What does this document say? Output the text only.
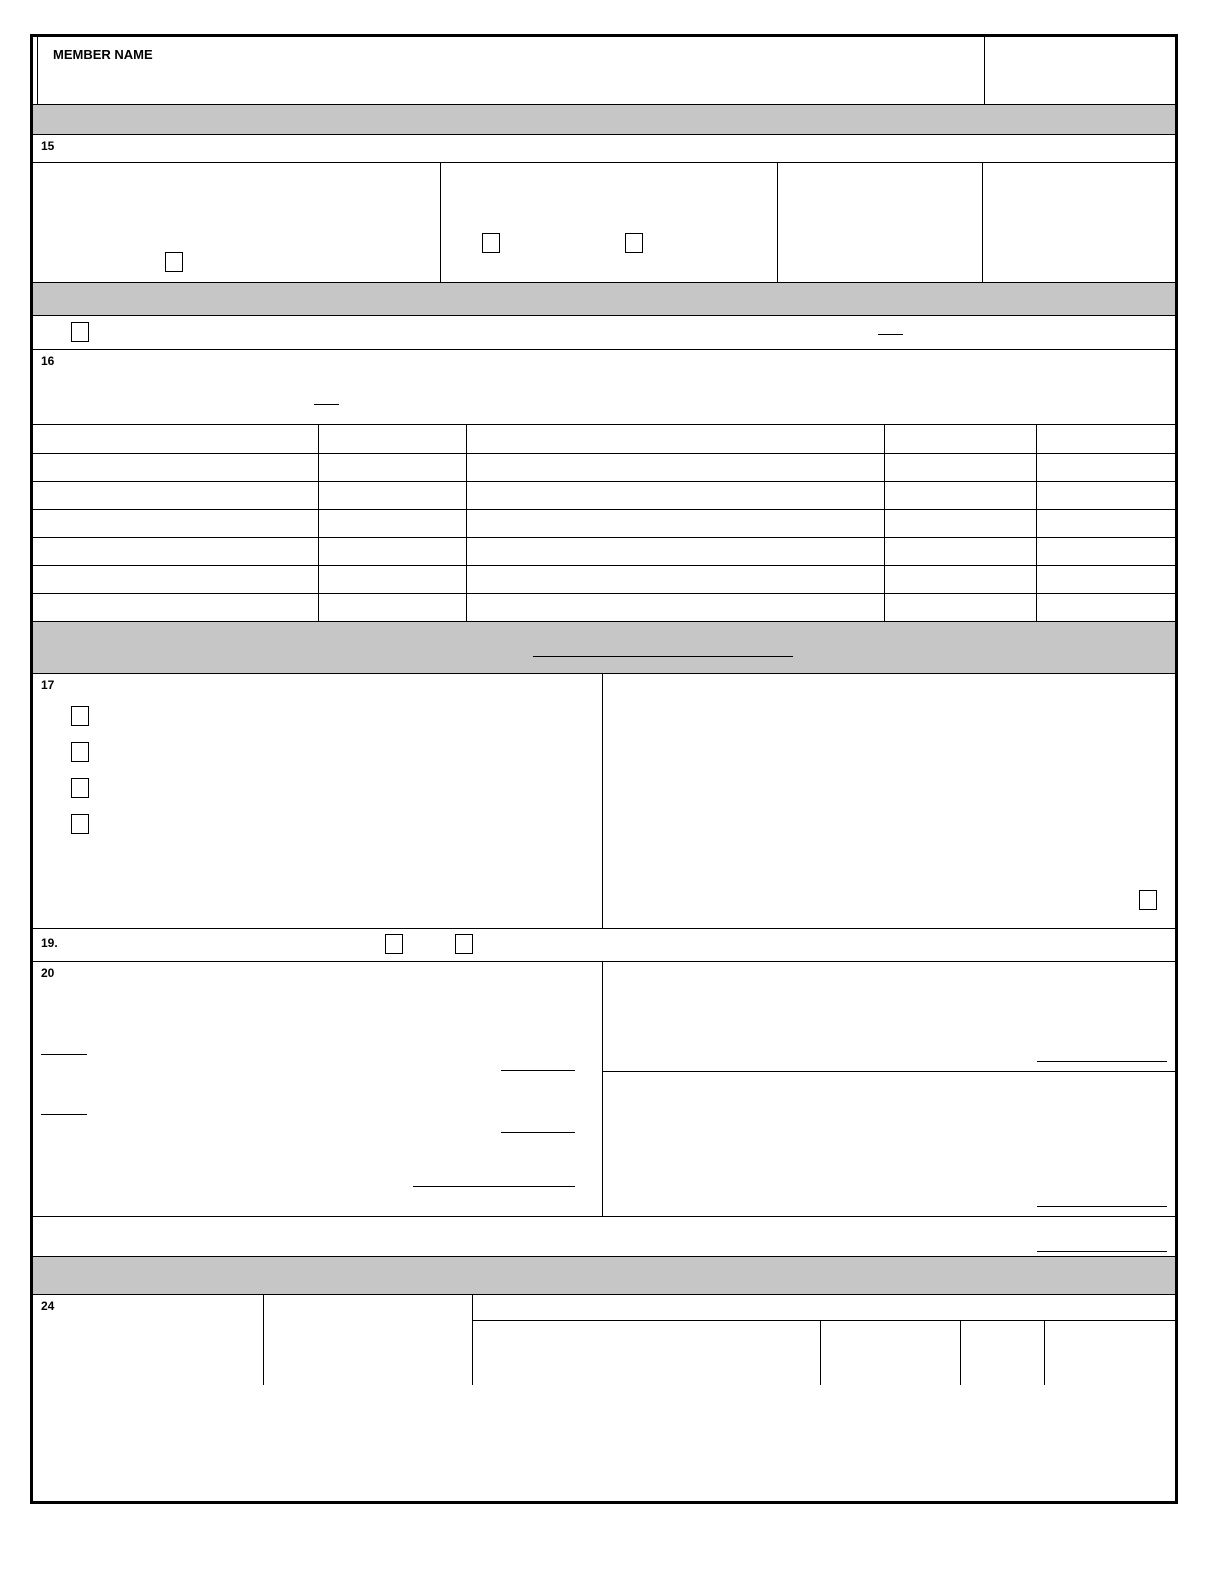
MEMBER NAME
15
16

17
19.
20
24
